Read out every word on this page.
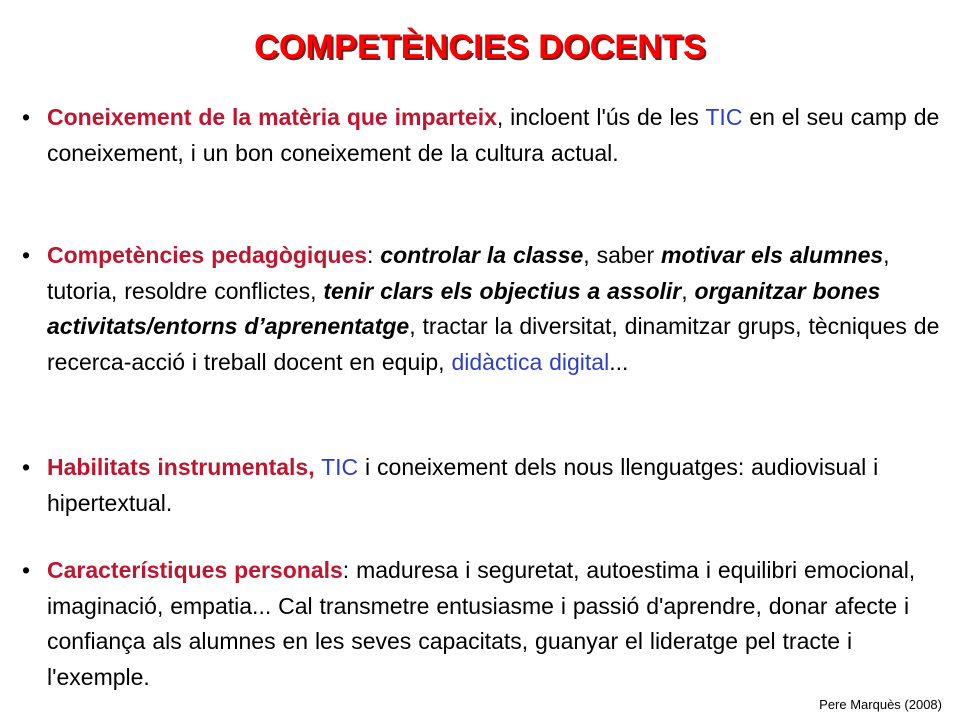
COMPETÈNCIES DOCENTS
• Coneixement de la matèria que imparteix, incloent l'ús de les TIC en el seu camp de coneixement, i un bon coneixement de la cultura actual.
• Competències pedagògiques: controlar la classe, saber motivar els alumnes, tutoria, resoldre conflictes, tenir clars els objectius a assolir, organitzar bones activitats/entorns d’aprenentatge, tractar la diversitat, dinamitzar grups, tècniques de recerca-acció i treball docent en equip, didàctica digital...
• Habilitats instrumentals, TIC i coneixement dels nous llenguatges: audiovisual i hipertextual.
• Característiques personals: maduresa i seguretat, autoestima i equilibri emocional, imaginació, empatia... Cal transmetre entusiasme i passió d'aprendre, donar afecte i confiança als alumnes en les seves capacitats, guanyar el lideratge pel tracte i l'exemple.
Pere Marquès (2008)
